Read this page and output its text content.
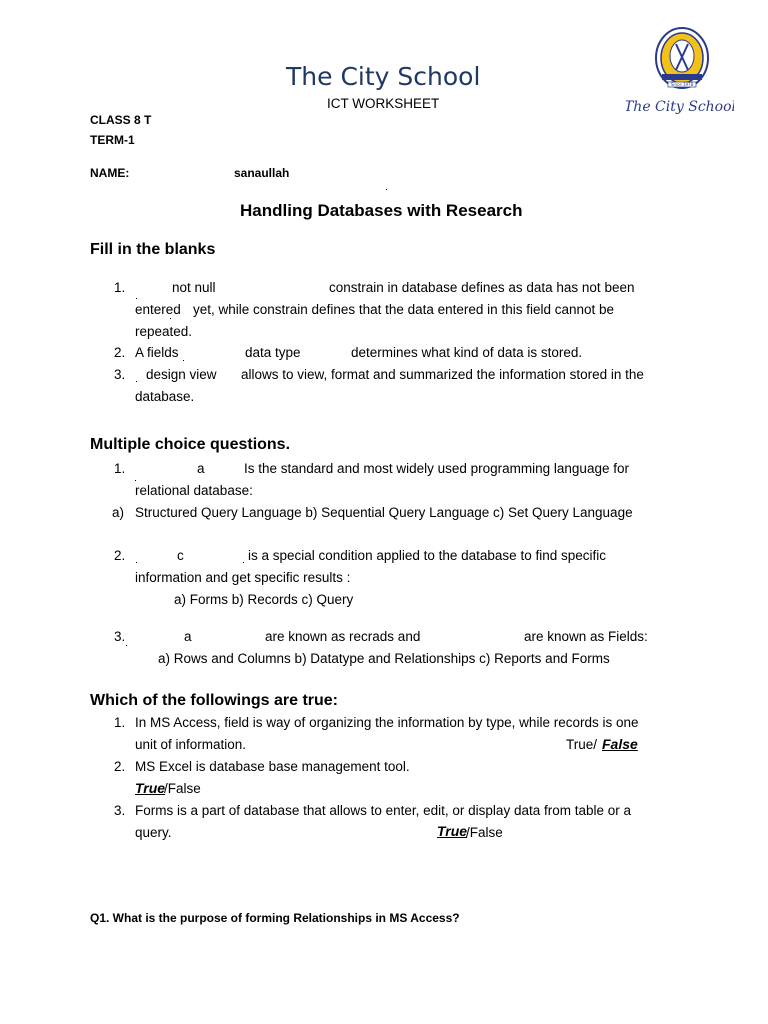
The City School
ICT WORKSHEET
Since 1978
The City School
CLASS 8 T
TERM-1
NAME:	sanaullah
Handling Databases with Research
Fill in the blanks
1.	not null	constrain in database defines as data has not been
entered yet, while constrain defines that the data entered in this field cannot be
repeated.
2. A fields	data type	determines what kind of data is stored.
3. design view allows to view, format and summarized the information stored in the
database.
Multiple choice questions.
1.	a	Is the standard and most widely used programming language for
relational database:
a) Structured Query Language b) Sequential Query Language c) Set Query Language
2.	c	is a special condition applied to the database to find specific
information and get specific results :
a) Forms b) Records c) Query
3.	a	are known as recrads and	are known as Fields:
a) Rows and Columns b) Datatype and Relationships c) Reports and Forms
Which of the followings are true:
1. In MS Access, field is way of organizing the information by type, while records is one
unit of information.	True/ False
2. MS Excel is database base management tool.
True
/False
3. Forms is a part of database that allows to enter, edit, or display data from table or a
query.	True
/False
Q1. What is the purpose of forming Relationships in MS Access?
